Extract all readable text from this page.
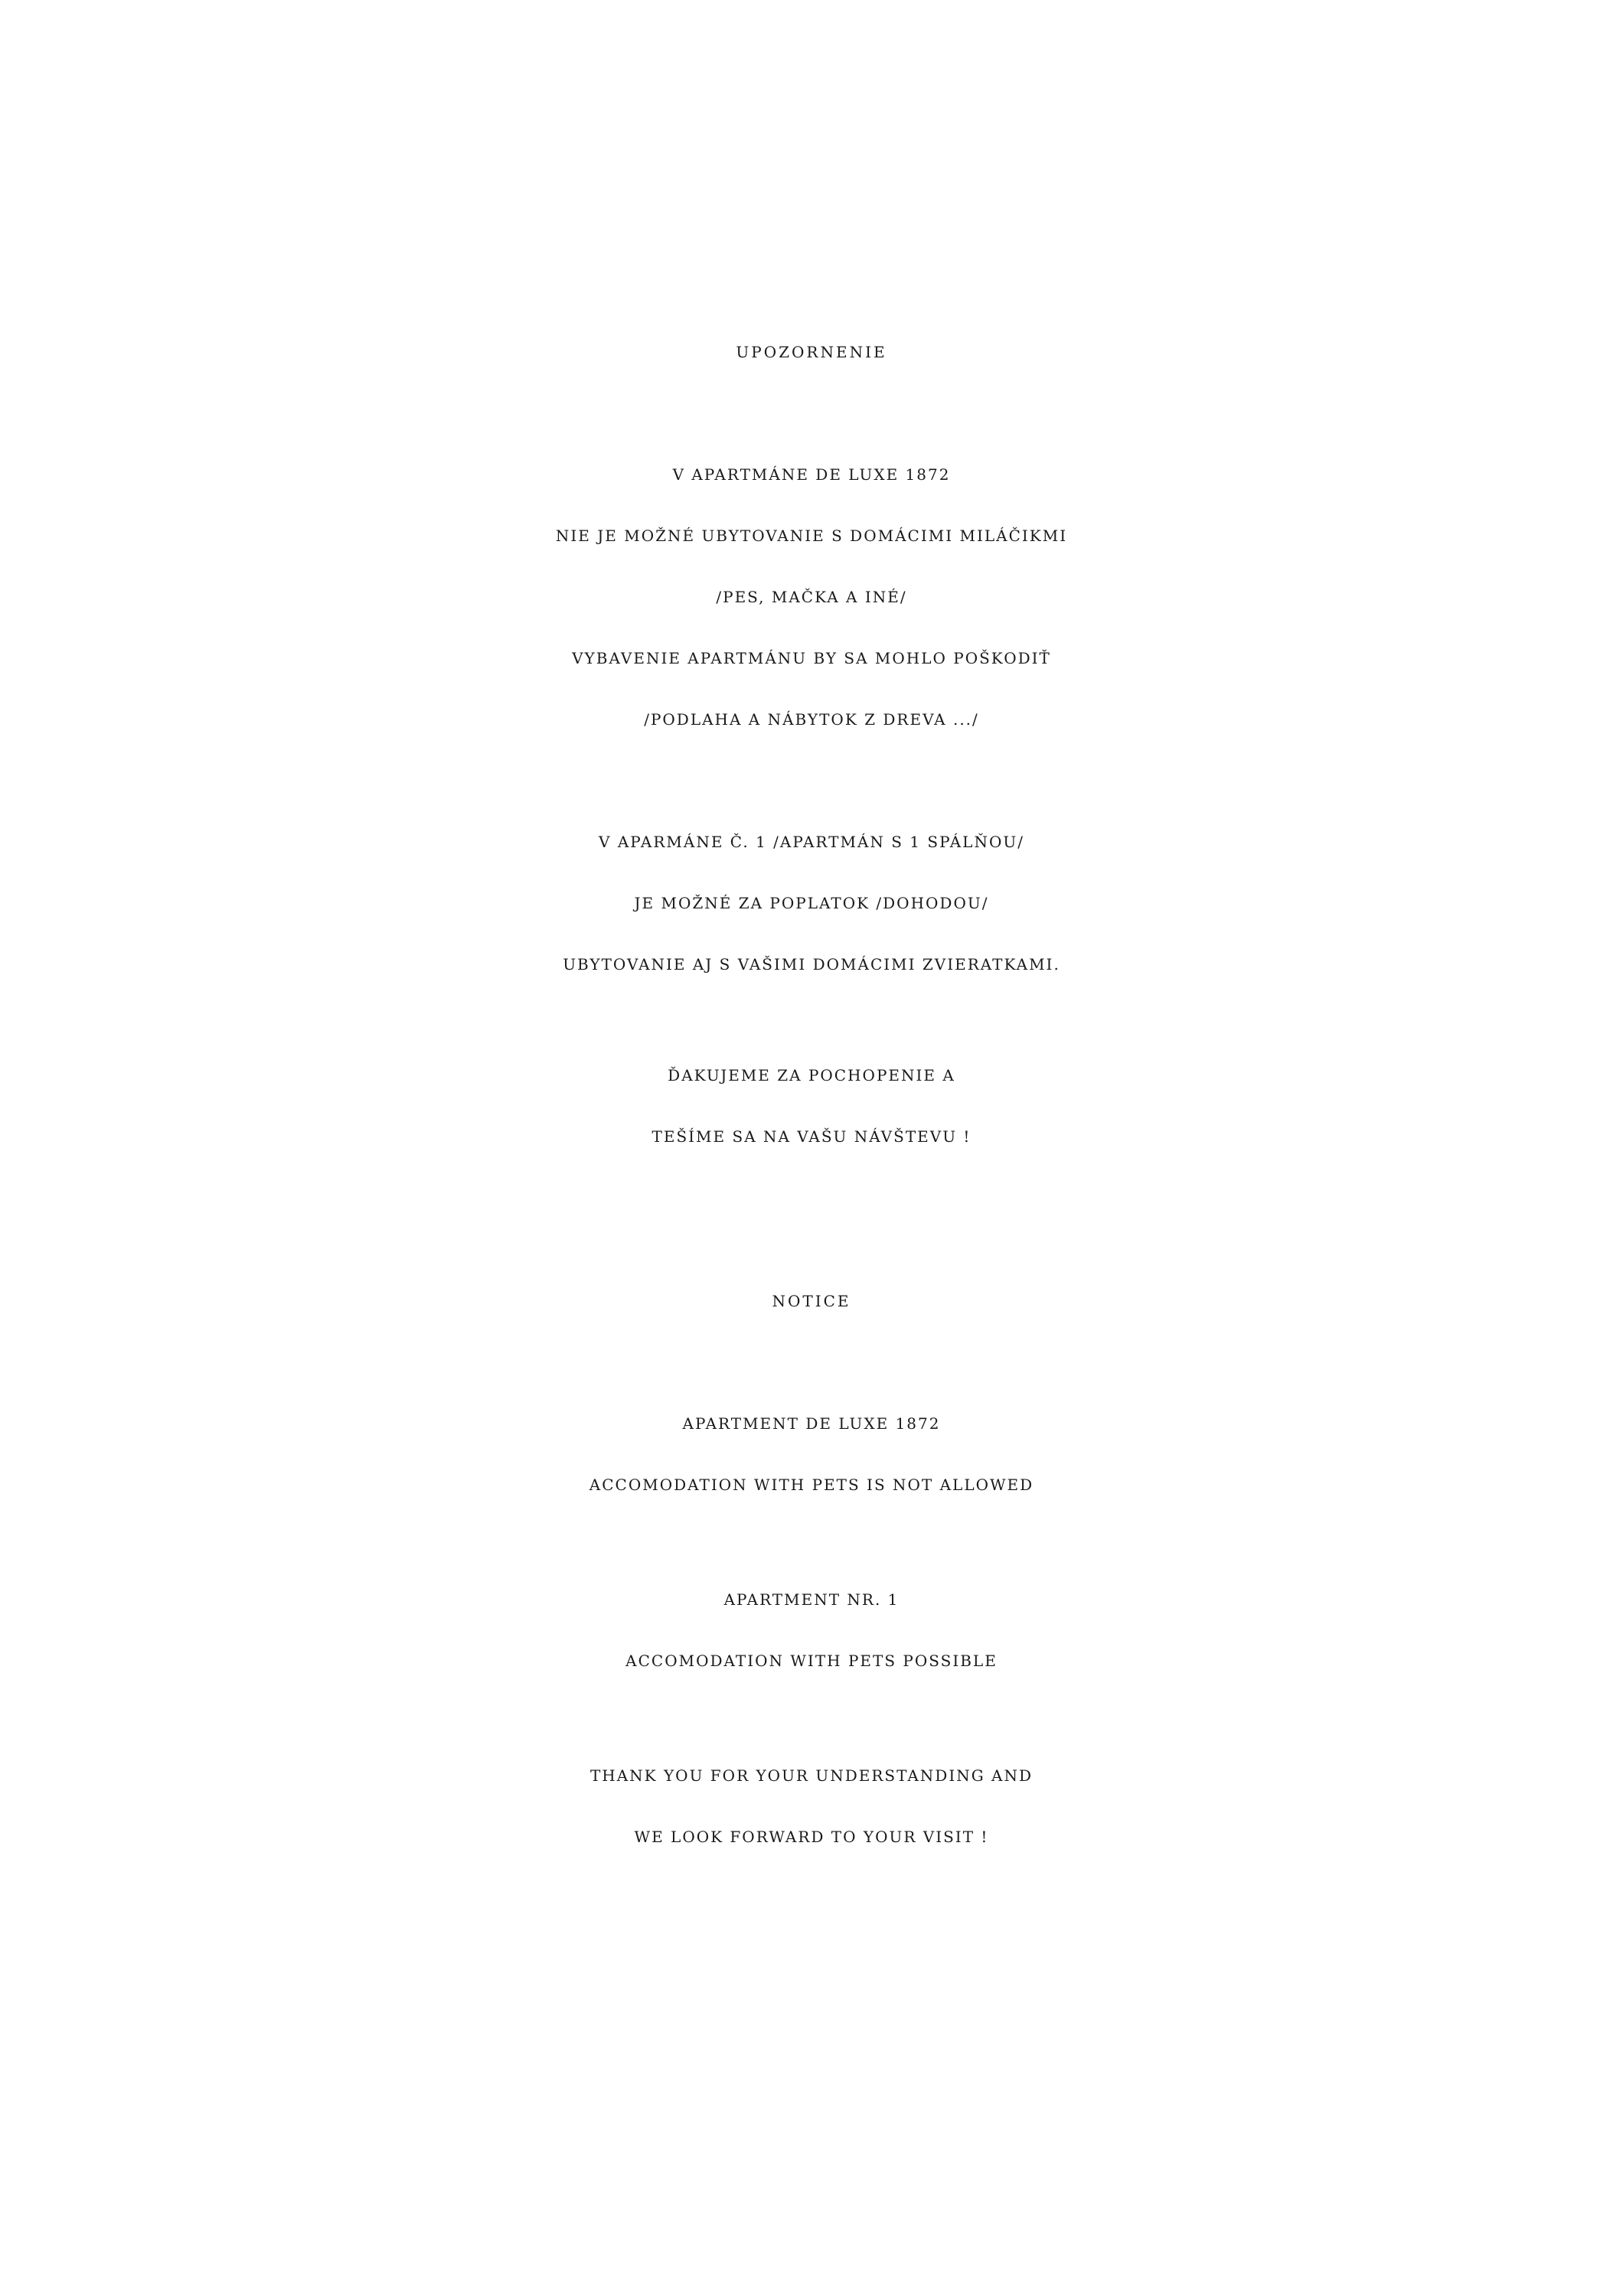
UPOZORNENIE
V APARTMÁNE DE LUXE 1872
NIE JE MOŽNÉ UBYTOVANIE S DOMÁCIMI MILÁČIKMI
/PES, MAČKA A INÉ/
VYBAVENIE APARTMÁNU BY SA MOHLO POŠKODIŤ
/PODLAHA A NÁBYTOK Z DREVA .../
V APARMÁNE Č. 1 /APARTMÁN S 1 SPÁLŇOU/
JE MOŽNÉ ZA POPLATOK /DOHODOU/
UBYTOVANIE AJ S VAŠIMI DOMÁCIMI ZVIERATKAMI.
ĎAKUJEME ZA POCHOPENIE A
TEŠÍME SA NA VAŠU NÁVŠTEVU !
NOTICE
APARTMENT DE LUXE 1872
ACCOMODATION WITH PETS IS NOT ALLOWED
APARTMENT NR. 1
ACCOMODATION WITH PETS POSSIBLE
THANK YOU FOR YOUR UNDERSTANDING AND
WE LOOK FORWARD TO YOUR VISIT !
